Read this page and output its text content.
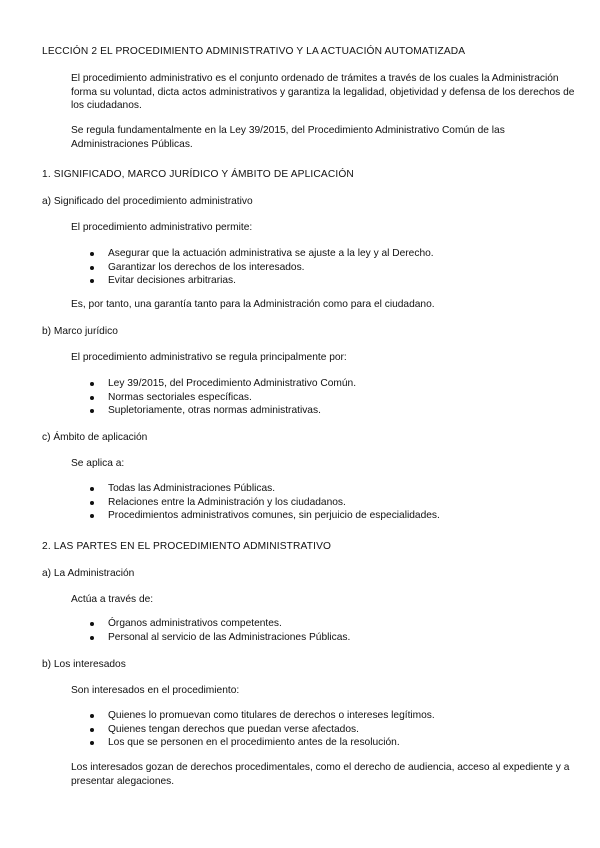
LECCIÓN 2 EL PROCEDIMIENTO ADMINISTRATIVO Y LA ACTUACIÓN AUTOMATIZADA

El procedimiento administrativo es el conjunto ordenado de trámites a través de los cuales la Administración forma su voluntad, dicta actos administrativos y garantiza la legalidad, objetividad y defensa de los derechos de los ciudadanos.

Se regula fundamentalmente en la Ley 39/2015, del Procedimiento Administrativo Común de las Administraciones Públicas.

1. SIGNIFICADO, MARCO JURÍDICO Y ÁMBITO DE APLICACIÓN

a) Significado del procedimiento administrativo

El procedimiento administrativo permite:

Asegurar que la actuación administrativa se ajuste a la ley y al Derecho.
Garantizar los derechos de los interesados.
Evitar decisiones arbitrarias.

Es, por tanto, una garantía tanto para la Administración como para el ciudadano.

b) Marco jurídico

El procedimiento administrativo se regula principalmente por:

Ley 39/2015, del Procedimiento Administrativo Común.
Normas sectoriales específicas.
Supletoriamente, otras normas administrativas.

c) Ámbito de aplicación

Se aplica a:

Todas las Administraciones Públicas.
Relaciones entre la Administración y los ciudadanos.
Procedimientos administrativos comunes, sin perjuicio de especialidades.

2. LAS PARTES EN EL PROCEDIMIENTO ADMINISTRATIVO

a) La Administración

Actúa a través de:

Órganos administrativos competentes.
Personal al servicio de las Administraciones Públicas.

b) Los interesados

Son interesados en el procedimiento:

Quienes lo promuevan como titulares de derechos o intereses legítimos.
Quienes tengan derechos que puedan verse afectados.
Los que se personen en el procedimiento antes de la resolución.

Los interesados gozan de derechos procedimentales, como el derecho de audiencia, acceso al expediente y a presentar alegaciones.
